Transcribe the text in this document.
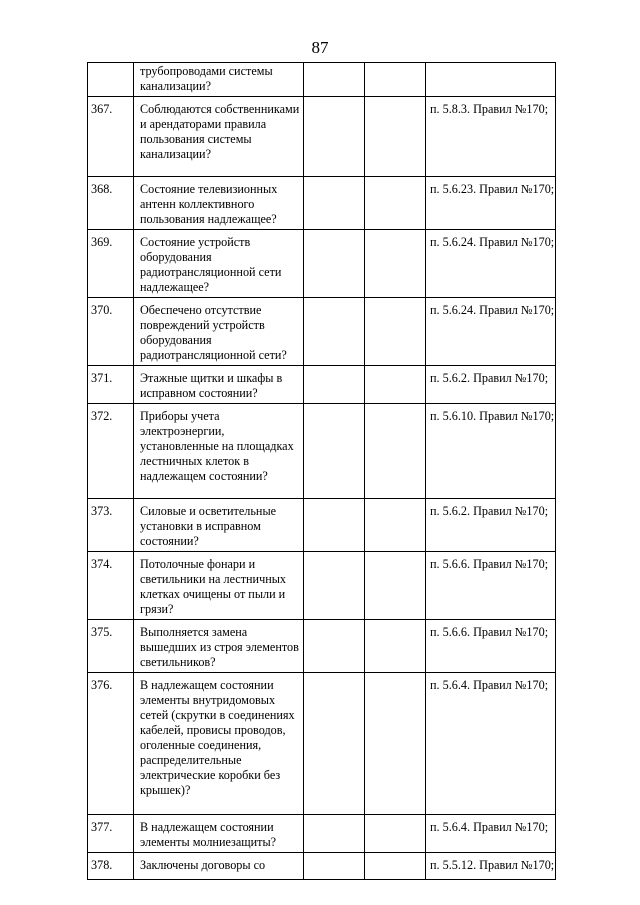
87
	трубопроводами системы канализации?			
367.	Соблюдаются собственниками и арендаторами правила пользования системы канализации?			п. 5.8.3. Правил №170;
368.	Состояние телевизионных антенн коллективного пользования надлежащее?			п. 5.6.23. Правил №170;
369.	Состояние устройств оборудования радиотрансляционной сети надлежащее?			п. 5.6.24. Правил №170;
370.	Обеспечено отсутствие повреждений устройств оборудования радиотрансляционной сети?			п. 5.6.24. Правил №170;
371.	Этажные щитки и шкафы в исправном состоянии?			п. 5.6.2. Правил №170;
372.	Приборы учета электроэнергии, установленные на площадках лестничных клеток в надлежащем состоянии?			п. 5.6.10. Правил №170;
373.	Силовые и осветительные установки в исправном состоянии?			п. 5.6.2. Правил №170;
374.	Потолочные фонари и светильники на лестничных клетках очищены от пыли и грязи?			п. 5.6.6. Правил №170;
375.	Выполняется замена вышедших из строя элементов светильников?			п. 5.6.6. Правил №170;
376.	В надлежащем состоянии элементы внутридомовых сетей (скрутки в соединениях кабелей, провисы проводов, оголенные соединения, распределительные электрические коробки без крышек)?			п. 5.6.4. Правил №170;
377.	В надлежащем состоянии элементы молниезащиты?			п. 5.6.4. Правил №170;
378.	Заключены договоры со			п. 5.5.12. Правил №170;
